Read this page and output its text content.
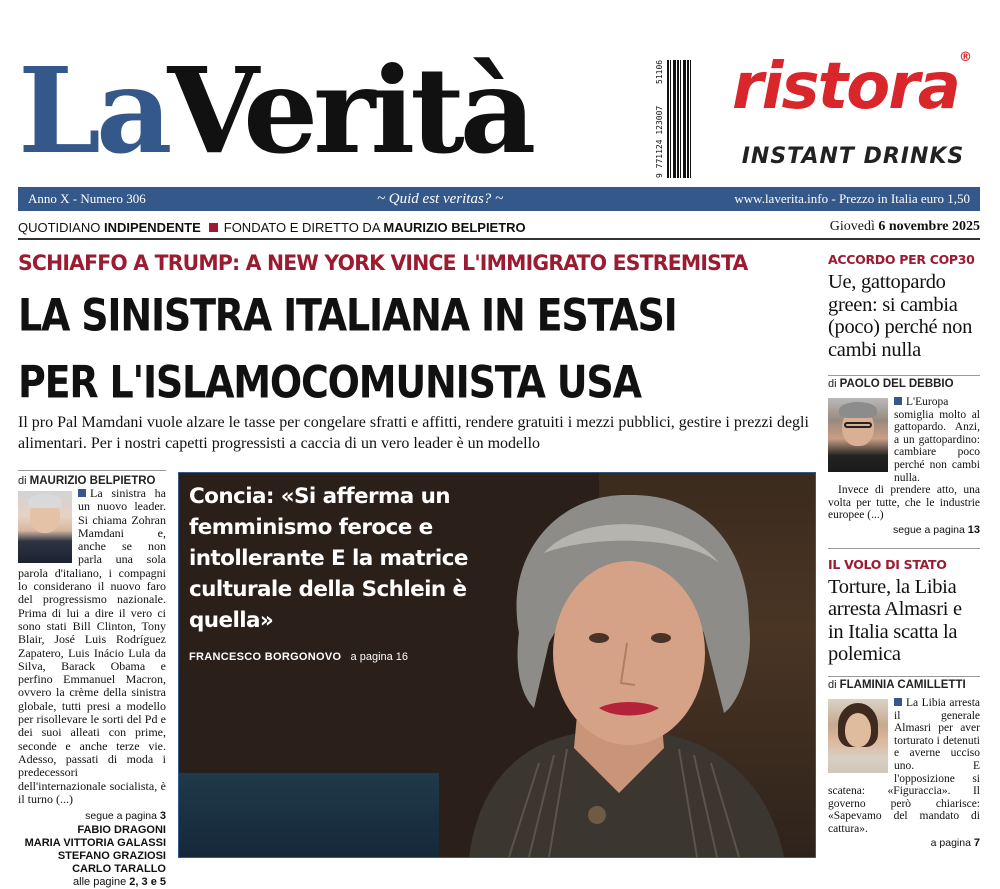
LaVerità	9 771124 123007
51106 ristora®
INSTANT DRINKS
Anno X - Numero 306	~ Quid est veritas? ~	www.laverita.info - Prezzo in Italia euro 1,50
QUOTIDIANO INDIPENDENTE FONDATO E DIRETTO DA MAURIZIO BELPIETRO	Giovedì 6 novembre 2025
SCHIAFFO A TRUMP: A NEW YORK VINCE L'IMMIGRATO ESTREMISTA
LA SINISTRA ITALIANA IN ESTASI
PER L'ISLAMOCOMUNISTA USA
Il pro Pal Mamdani vuole alzare le tasse per congelare sfratti e affitti, rendere gratuiti i mezzi pubblici, gestire i prezzi degli alimentari. Per i nostri capetti progressisti a caccia di un vero leader è un modello
di MAURIZIO BELPIETRO
La sinistra ha un nuovo leader. Si chiama Zohran Mamdani e, anche se non parla una sola parola d'italiano, i compagni lo considerano il nuovo faro del progressismo nazionale. Prima di lui a dire il vero ci sono stati Bill Clinton, Tony Blair, José Luis Rodríguez Zapatero, Luis Inácio Lula da Silva, Barack Obama e perfino Emmanuel Macron, ovvero la crème della sinistra globale, tutti presi a modello per risollevare le sorti del Pd e dei suoi alleati con prime, seconde e anche terze vie. Adesso, passati di moda i predecessori dell'internazionale socialista, è il turno (...)
segue a pagina 3
FABIO DRAGONI
MARIA VITTORIA GALASSI
STEFANO GRAZIOSI
CARLO TARALLO
alle pagine 2, 3 e 5
Concia: «Si afferma un femminismo feroce e intollerante E la matrice culturale della Schlein è quella»
FRANCESCO BORGONOVO a pagina 16
ACCORDO PER COP30
Ue, gattopardo green: si cambia (poco) perché non cambi nulla
di PAOLO DEL DEBBIO
L'Europa somiglia molto al gattopardo. Anzi, a un gattopardino: cambiare poco perché non cambi nulla.
Invece di prendere atto, una volta per tutte, che le industrie europee (...)
segue a pagina 13
IL VOLO DI STATO
Torture, la Libia arresta Almasri e in Italia scatta la polemica
di FLAMINIA CAMILLETTI
La Libia arresta il generale Almasri per aver torturato i detenuti e averne ucciso uno. E l'opposizione si scatena: «Figuraccia». Il governo però chiarisce: «Sapevamo del mandato di cattura».
a pagina 7
